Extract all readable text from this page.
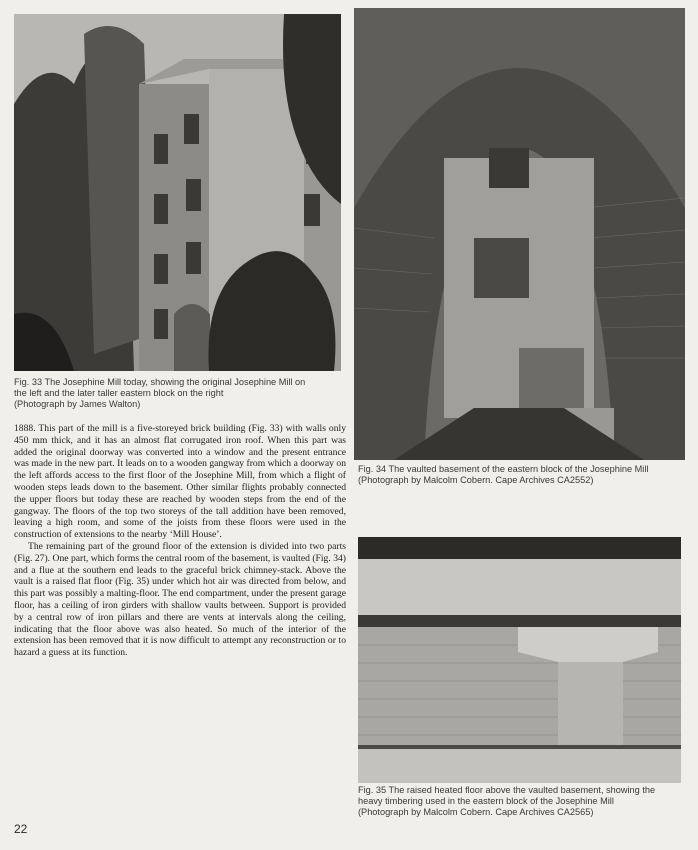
Fig. 33 The Josephine Mill today, showing the original Josephine Mill on
the left and the later taller eastern block on the right
(Photograph by James Walton)

Fig. 34 The vaulted basement of the eastern block of the Josephine Mill
(Photograph by Malcolm Cobern. Cape Archives CA2552)

Fig. 35 The raised heated floor above the vaulted basement, showing the
heavy timbering used in the eastern block of the Josephine Mill
(Photograph by Malcolm Cobern. Cape Archives CA2565)

1888. This part of the mill is a five-storeyed brick building (Fig. 33) with walls only 450 mm thick, and it has an almost flat corrugated iron roof. When this part was added the original doorway was converted into a window and the present entrance was made in the new part. It leads on to a wooden gangway from which a doorway on the left affords access to the first floor of the Josephine Mill, from which a flight of wooden steps leads down to the basement. Other similar flights probably connected the upper floors but today these are reached by wooden steps from the end of the gangway. The floors of the top two storeys of the tall addition have been removed, leaving a high room, and some of the joists from these floors were used in the construction of extensions to the nearby ‘Mill House’.

The remaining part of the ground floor of the extension is divided into two parts (Fig. 27). One part, which forms the central room of the basement, is vaulted (Fig. 34) and a flue at the southern end leads to the graceful brick chimney-stack. Above the vault is a raised flat floor (Fig. 35) under which hot air was directed from below, and this part was possibly a malting-floor. The end compartment, under the present garage floor, has a ceiling of iron girders with shallow vaults between. Support is provided by a central row of iron pillars and there are vents at intervals along the ceiling, indicating that the floor above was also heated. So much of the interior of the extension has been removed that it is now difficult to attempt any reconstruction or to hazard a guess at its function.

22
